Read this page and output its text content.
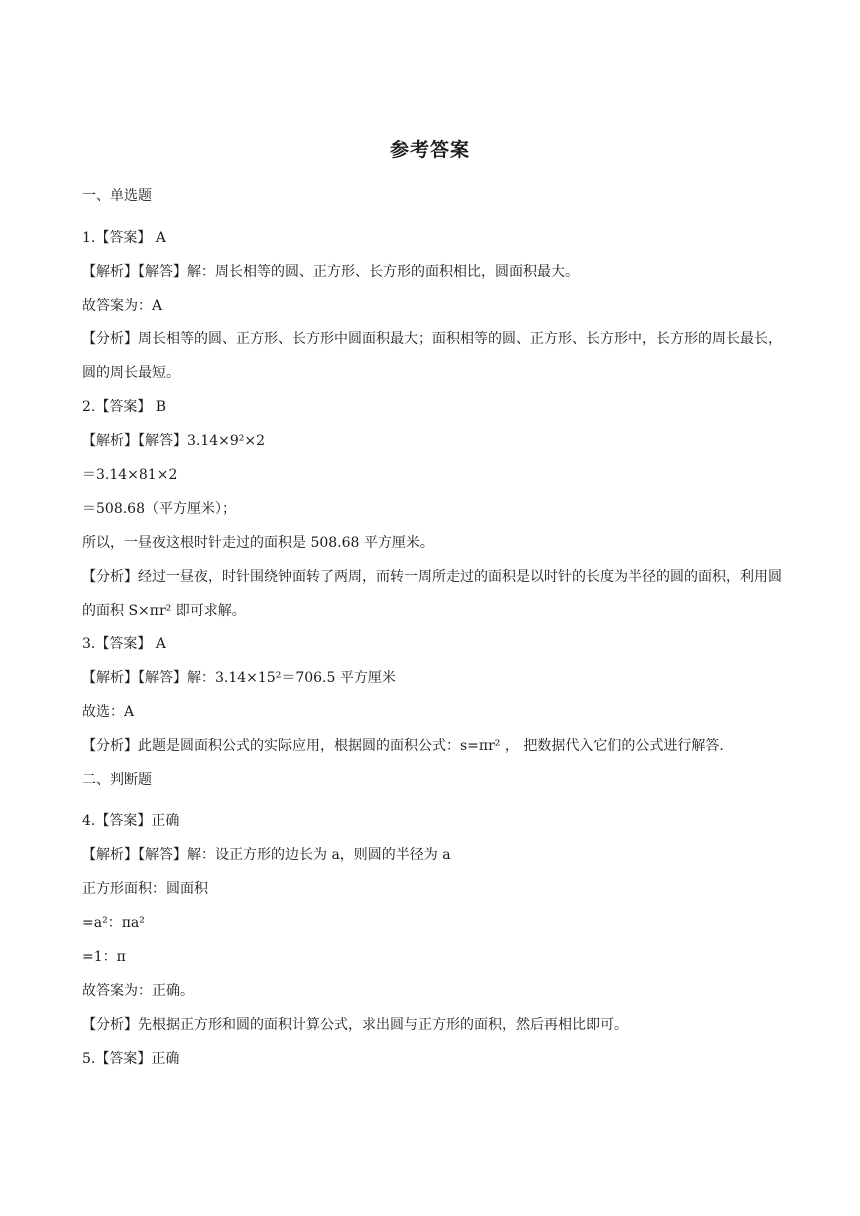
参考答案
一、单选题
1.【答案】 A
【解析】【解答】解：周长相等的圆、正方形、长方形的面积相比，圆面积最大。
故答案为：A
【分析】周长相等的圆、正方形、长方形中圆面积最大；面积相等的圆、正方形、长方形中，长方形的周长最长，圆的周长最短。
2.【答案】 B
【解析】【解答】3.14×9²×2
＝3.14×81×2
＝508.68（平方厘米）；
所以，一昼夜这根时针走过的面积是 508.68 平方厘米。
【分析】经过一昼夜，时针围绕钟面转了两周，而转一周所走过的面积是以时针的长度为半径的圆的面积，利用圆的面积 S×πr² 即可求解。
3.【答案】 A
【解析】【解答】解：3.14×15²＝706.5 平方厘米
故选：A
【分析】此题是圆面积公式的实际应用，根据圆的面积公式：s=πr² ， 把数据代入它们的公式进行解答.
二、判断题
4.【答案】正确
【解析】【解答】解：设正方形的边长为 a，则圆的半径为 a
正方形面积：圆面积
=a²：πa²
=1：π
故答案为：正确。
【分析】先根据正方形和圆的面积计算公式，求出圆与正方形的面积，然后再相比即可。
5.【答案】正确
